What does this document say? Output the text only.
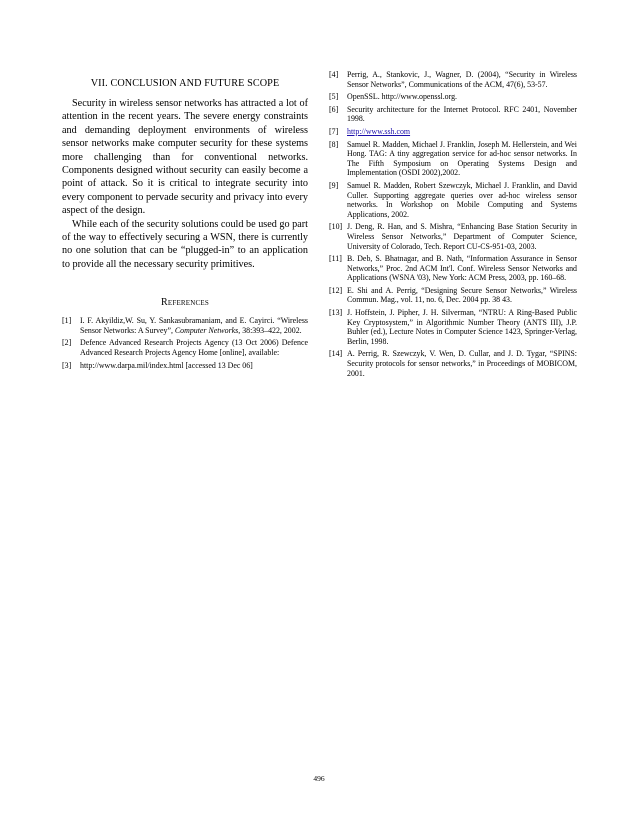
VII. CONCLUSION AND FUTURE SCOPE

Security in wireless sensor networks has attracted a lot of attention in the recent years. The severe energy constraints and demanding deployment environments of wireless sensor networks make computer security for these systems more challenging than for conventional networks. Components designed without security can easily become a point of attack. So it is critical to integrate security into every component to pervade security and privacy into every aspect of the design.

While each of the security solutions could be used go part of the way to effectively securing a WSN, there is currently no one solution that can be “plugged-in” to an application to provide all the necessary security primitives.

References
[1]	I. F. Akyildiz,W. Su, Y. Sankasubramaniam, and E. Cayirci. “Wireless Sensor Networks: A Survey”, Computer Networks, 38:393–422, 2002.
[2]	Defence Advanced Research Projects Agency (13 Oct 2006) Defence Advanced Research Projects Agency Home [online], available:
[3]	http://www.darpa.mil/index.html [accessed 13 Dec 06]
[4]	Perrig, A., Stankovic, J., Wagner, D. (2004), “Security in Wireless Sensor Networks”, Communications of the ACM, 47(6), 53-57.
[5]	OpenSSL. http://www.openssl.org.
[6]	Security architecture for the Internet Protocol. RFC 2401, November 1998.
[7]	http://www.ssh.com
[8]	Samuel R. Madden, Michael J. Franklin, Joseph M. Hellerstein, and Wei Hong. TAG: A tiny aggregation service for ad-hoc sensor networks. In The Fifth Symposium on Operating Systems Design and Implementation (OSDI 2002),2002.
[9]	Samuel R. Madden, Robert Szewczyk, Michael J. Franklin, and David Culler. Supporting aggregate queries over ad-hoc wireless sensor networks. In Workshop on Mobile Computing and Systems Applications, 2002.
[10] J. Deng, R. Han, and S. Mishra, “Enhancing Base Station Security in Wireless Sensor Networks,” Department of Computer Science, University of Colorado, Tech. Report CU-CS-951-03, 2003.
[11] B. Deb, S. Bhatnagar, and B. Nath, “Information Assurance in Sensor Networks,” Proc. 2nd ACM Int'l. Conf. Wireless Sensor Networks and Applications (WSNA '03), New York: ACM Press, 2003, pp. 160–68.
[12] E. Shi and A. Perrig, “Designing Secure Sensor Networks,” Wireless Commun. Mag., vol. 11, no. 6, Dec. 2004 pp. 38 43.
[13] J. Hoffstein, J. Pipher, J. H. Silverman, “NTRU: A Ring-Based Public Key Cryptosystem,” in Algorithmic Number Theory (ANTS III), J.P. Buhler (ed.), Lecture Notes in Computer Science 1423, Springer-Verlag, Berlin, 1998.
[14] A. Perrig, R. Szewczyk, V. Wen, D. Cullar, and J. D. Tygar, “SPINS: Security protocols for sensor networks,” in Proceedings of MOBICOM, 2001.
496
